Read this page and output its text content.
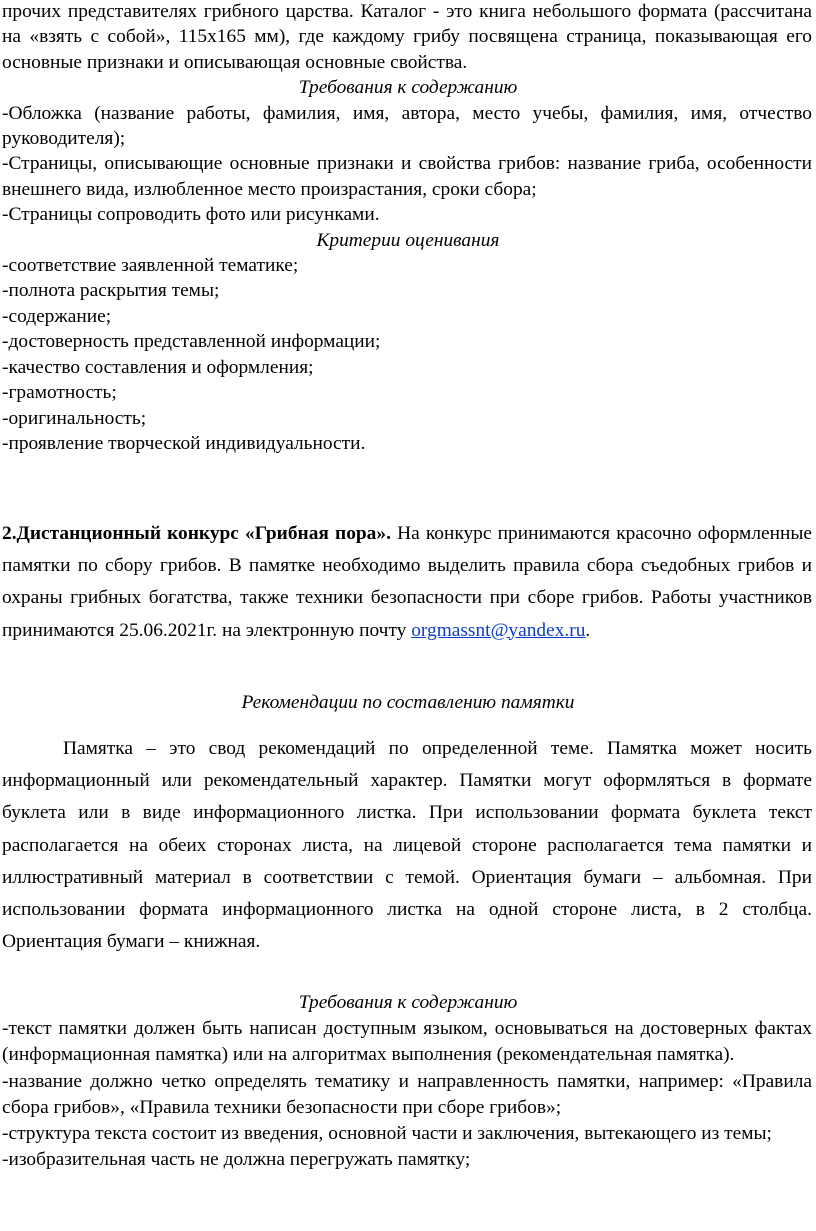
прочих представителях грибного царства. Каталог - это книга небольшого формата (рассчитана на «взять с собой», 115x165 мм), где каждому грибу посвящена страница, показывающая его основные признаки и описывающая основные свойства.

Требования к содержанию

-Обложка (название работы, фамилия, имя, автора, место учебы, фамилия, имя, отчество руководителя);

-Страницы, описывающие основные признаки и свойства грибов: название гриба, особенности внешнего вида, излюбленное место произрастания, сроки сбора;

-Страницы сопроводить фото или рисунками.

Критерии оценивания

-соответствие заявленной тематике;

-полнота раскрытия темы;

-содержание;

-достоверность представленной информации;

-качество составления и оформления;

-грамотность;

-оригинальность;

-проявление творческой индивидуальности.

2.Дистанционный конкурс «Грибная пора». На конкурс принимаются красочно оформленные памятки по сбору грибов. В памятке необходимо выделить правила сбора съедобных грибов и охраны грибных богатства, также техники безопасности при сборе грибов. Работы участников принимаются 25.06.2021г. на электронную почту orgmassnt@yandex.ru.

Рекомендации по составлению памятки

Памятка – это свод рекомендаций по определенной теме. Памятка может носить информационный или рекомендательный характер. Памятки могут оформляться в формате буклета или в виде информационного листка. При использовании формата буклета текст располагается на обеих сторонах листа, на лицевой стороне располагается тема памятки и иллюстративный материал в соответствии с темой. Ориентация бумаги – альбомная. При использовании формата информационного листка на одной стороне листа, в 2 столбца. Ориентация бумаги – книжная.

Требования к содержанию

-текст памятки должен быть написан доступным языком, основываться на достоверных фактах (информационная памятка) или на алгоритмах выполнения (рекомендательная памятка).

-название должно четко определять тематику и направленность памятки, например: «Правила сбора грибов», «Правила техники безопасности при сборе грибов»;

-структура текста состоит из введения, основной части и заключения, вытекающего из темы;

-изобразительная часть не должна перегружать памятку;
